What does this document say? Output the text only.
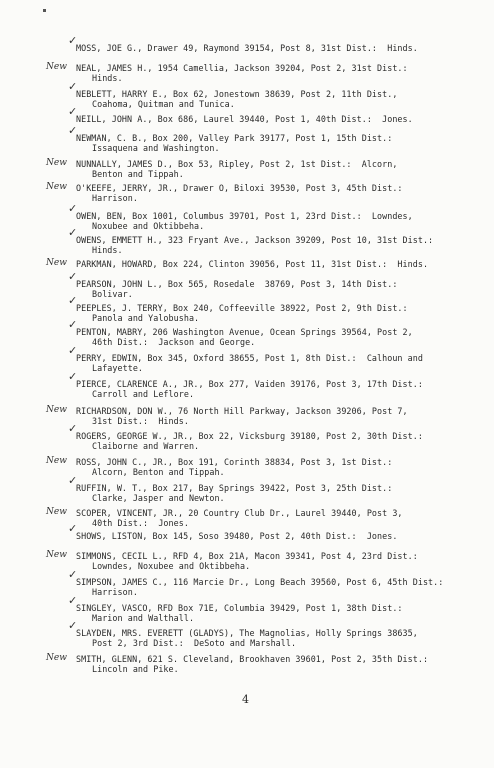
✓
MOSS, JOE G., Drawer 49, Raymond 39154, Post 8, 31st Dist.:  Hinds.
New NEAL, JAMES H., 1954 Camellia, Jackson 39204, Post 2, 31st Dist.:
Hinds.
✓
NEBLETT, HARRY E., Box 62, Jonestown 38639, Post 2, 11th Dist.,
Coahoma, Quitman and Tunica.
✓
NEILL, JOHN A., Box 686, Laurel 39440, Post 1, 40th Dist.:  Jones.
✓
NEWMAN, C. B., Box 200, Valley Park 39177, Post 1, 15th Dist.:
Issaquena and Washington.
New NUNNALLY, JAMES D., Box 53, Ripley, Post 2, 1st Dist.:  Alcorn,
Benton and Tippah.
New O'KEEFE, JERRY, JR., Drawer O, Biloxi 39530, Post 3, 45th Dist.:
Harrison.
✓
OWEN, BEN, Box 1001, Columbus 39701, Post 1, 23rd Dist.:  Lowndes,
Noxubee and Oktibbeha.
✓
OWENS, EMMETT H., 323 Fryant Ave., Jackson 39209, Post 10, 31st Dist.:
Hinds.
New PARKMAN, HOWARD, Box 224, Clinton 39056, Post 11, 31st Dist.:  Hinds.
✓
PEARSON, JOHN L., Box 565, Rosedale  38769, Post 3, 14th Dist.:
Bolivar.
✓
PEEPLES, J. TERRY, Box 240, Coffeeville 38922, Post 2, 9th Dist.:
Panola and Yalobusha.
✓
PENTON, MABRY, 206 Washington Avenue, Ocean Springs 39564, Post 2,
46th Dist.:  Jackson and George.
✓
PERRY, EDWIN, Box 345, Oxford 38655, Post 1, 8th Dist.:  Calhoun and
Lafayette.
✓
PIERCE, CLARENCE A., JR., Box 277, Vaiden 39176, Post 3, 17th Dist.:
Carroll and Leflore.
New RICHARDSON, DON W., 76 North Hill Parkway, Jackson 39206, Post 7,
31st Dist.:  Hinds.
✓
ROGERS, GEORGE W., JR., Box 22, Vicksburg 39180, Post 2, 30th Dist.:
Claiborne and Warren.
New ROSS, JOHN C., JR., Box 191, Corinth 38834, Post 3, 1st Dist.:
Alcorn, Benton and Tippah.
✓
RUFFIN, W. T., Box 217, Bay Springs 39422, Post 3, 25th Dist.:
Clarke, Jasper and Newton.
New SCOPER, VINCENT, JR., 20 Country Club Dr., Laurel 39440, Post 3,
40th Dist.:  Jones.
✓
SHOWS, LISTON, Box 145, Soso 39480, Post 2, 40th Dist.:  Jones.
New SIMMONS, CECIL L., RFD 4, Box 21A, Macon 39341, Post 4, 23rd Dist.:
Lowndes, Noxubee and Oktibbeha.
✓
SIMPSON, JAMES C., 116 Marcie Dr., Long Beach 39560, Post 6, 45th Dist.:
Harrison.
✓
SINGLEY, VASCO, RFD Box 71E, Columbia 39429, Post 1, 38th Dist.:
Marion and Walthall.
✓
SLAYDEN, MRS. EVERETT (GLADYS), The Magnolias, Holly Springs 38635,
Post 2, 3rd Dist.:  DeSoto and Marshall.
New SMITH, GLENN, 621 S. Cleveland, Brookhaven 39601, Post 2, 35th Dist.:
Lincoln and Pike.
4
